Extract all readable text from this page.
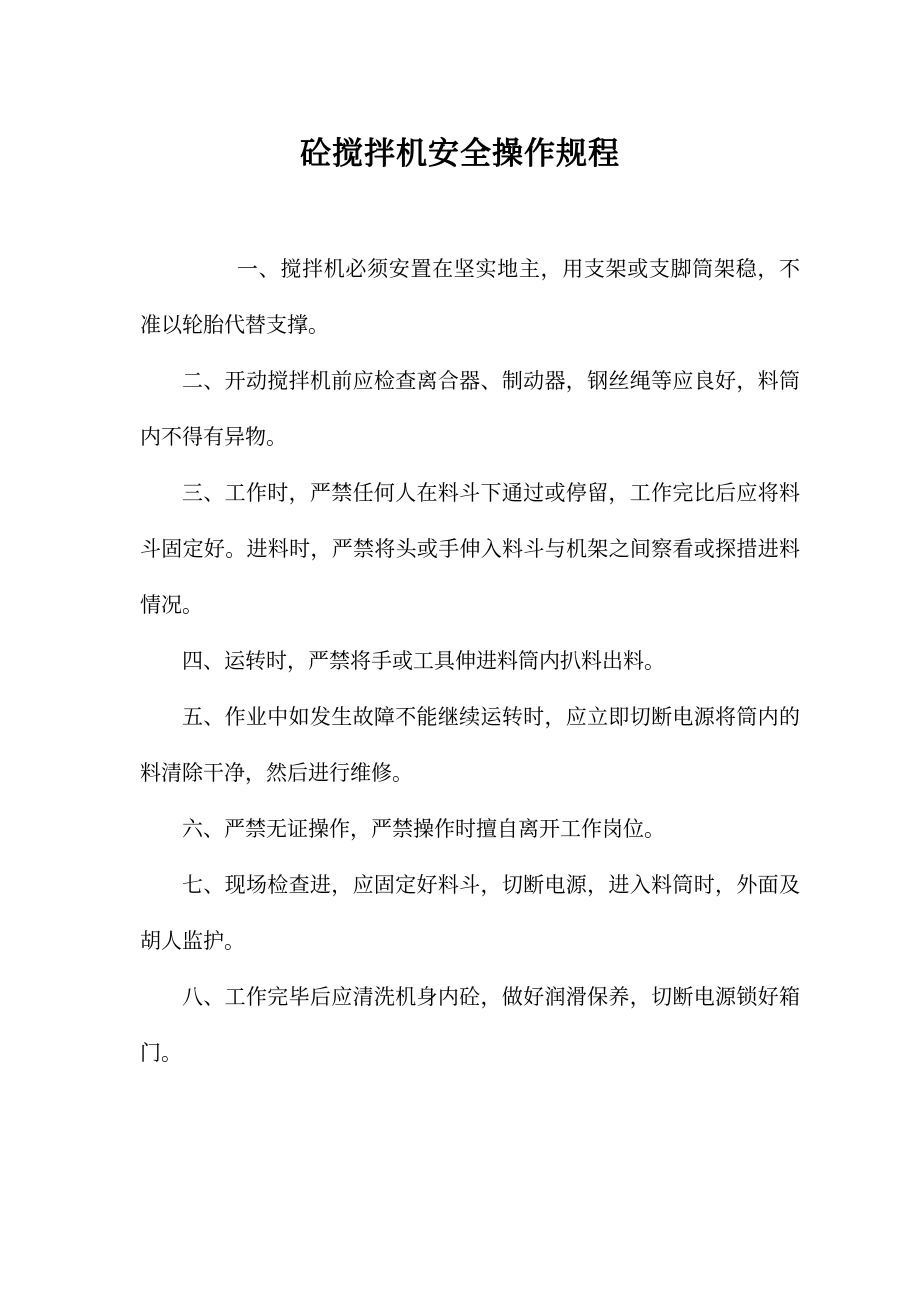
砼搅拌机安全操作规程

一、搅拌机必须安置在坚实地主，用支架或支脚筒架稳，不准以轮胎代替支撑。

二、开动搅拌机前应检查离合器、制动器，钢丝绳等应良好，料筒内不得有异物。

三、工作时，严禁任何人在料斗下通过或停留，工作完比后应将料斗固定好。进料时，严禁将头或手伸入料斗与机架之间察看或探措进料情况。

四、运转时，严禁将手或工具伸进料筒内扒料出料。

五、作业中如发生故障不能继续运转时，应立即切断电源将筒内的料清除干净，然后进行维修。

六、严禁无证操作，严禁操作时擅自离开工作岗位。

七、现场检查进，应固定好料斗，切断电源，进入料筒时，外面及胡人监护。

八、工作完毕后应清洗机身内砼，做好润滑保养，切断电源锁好箱门。
